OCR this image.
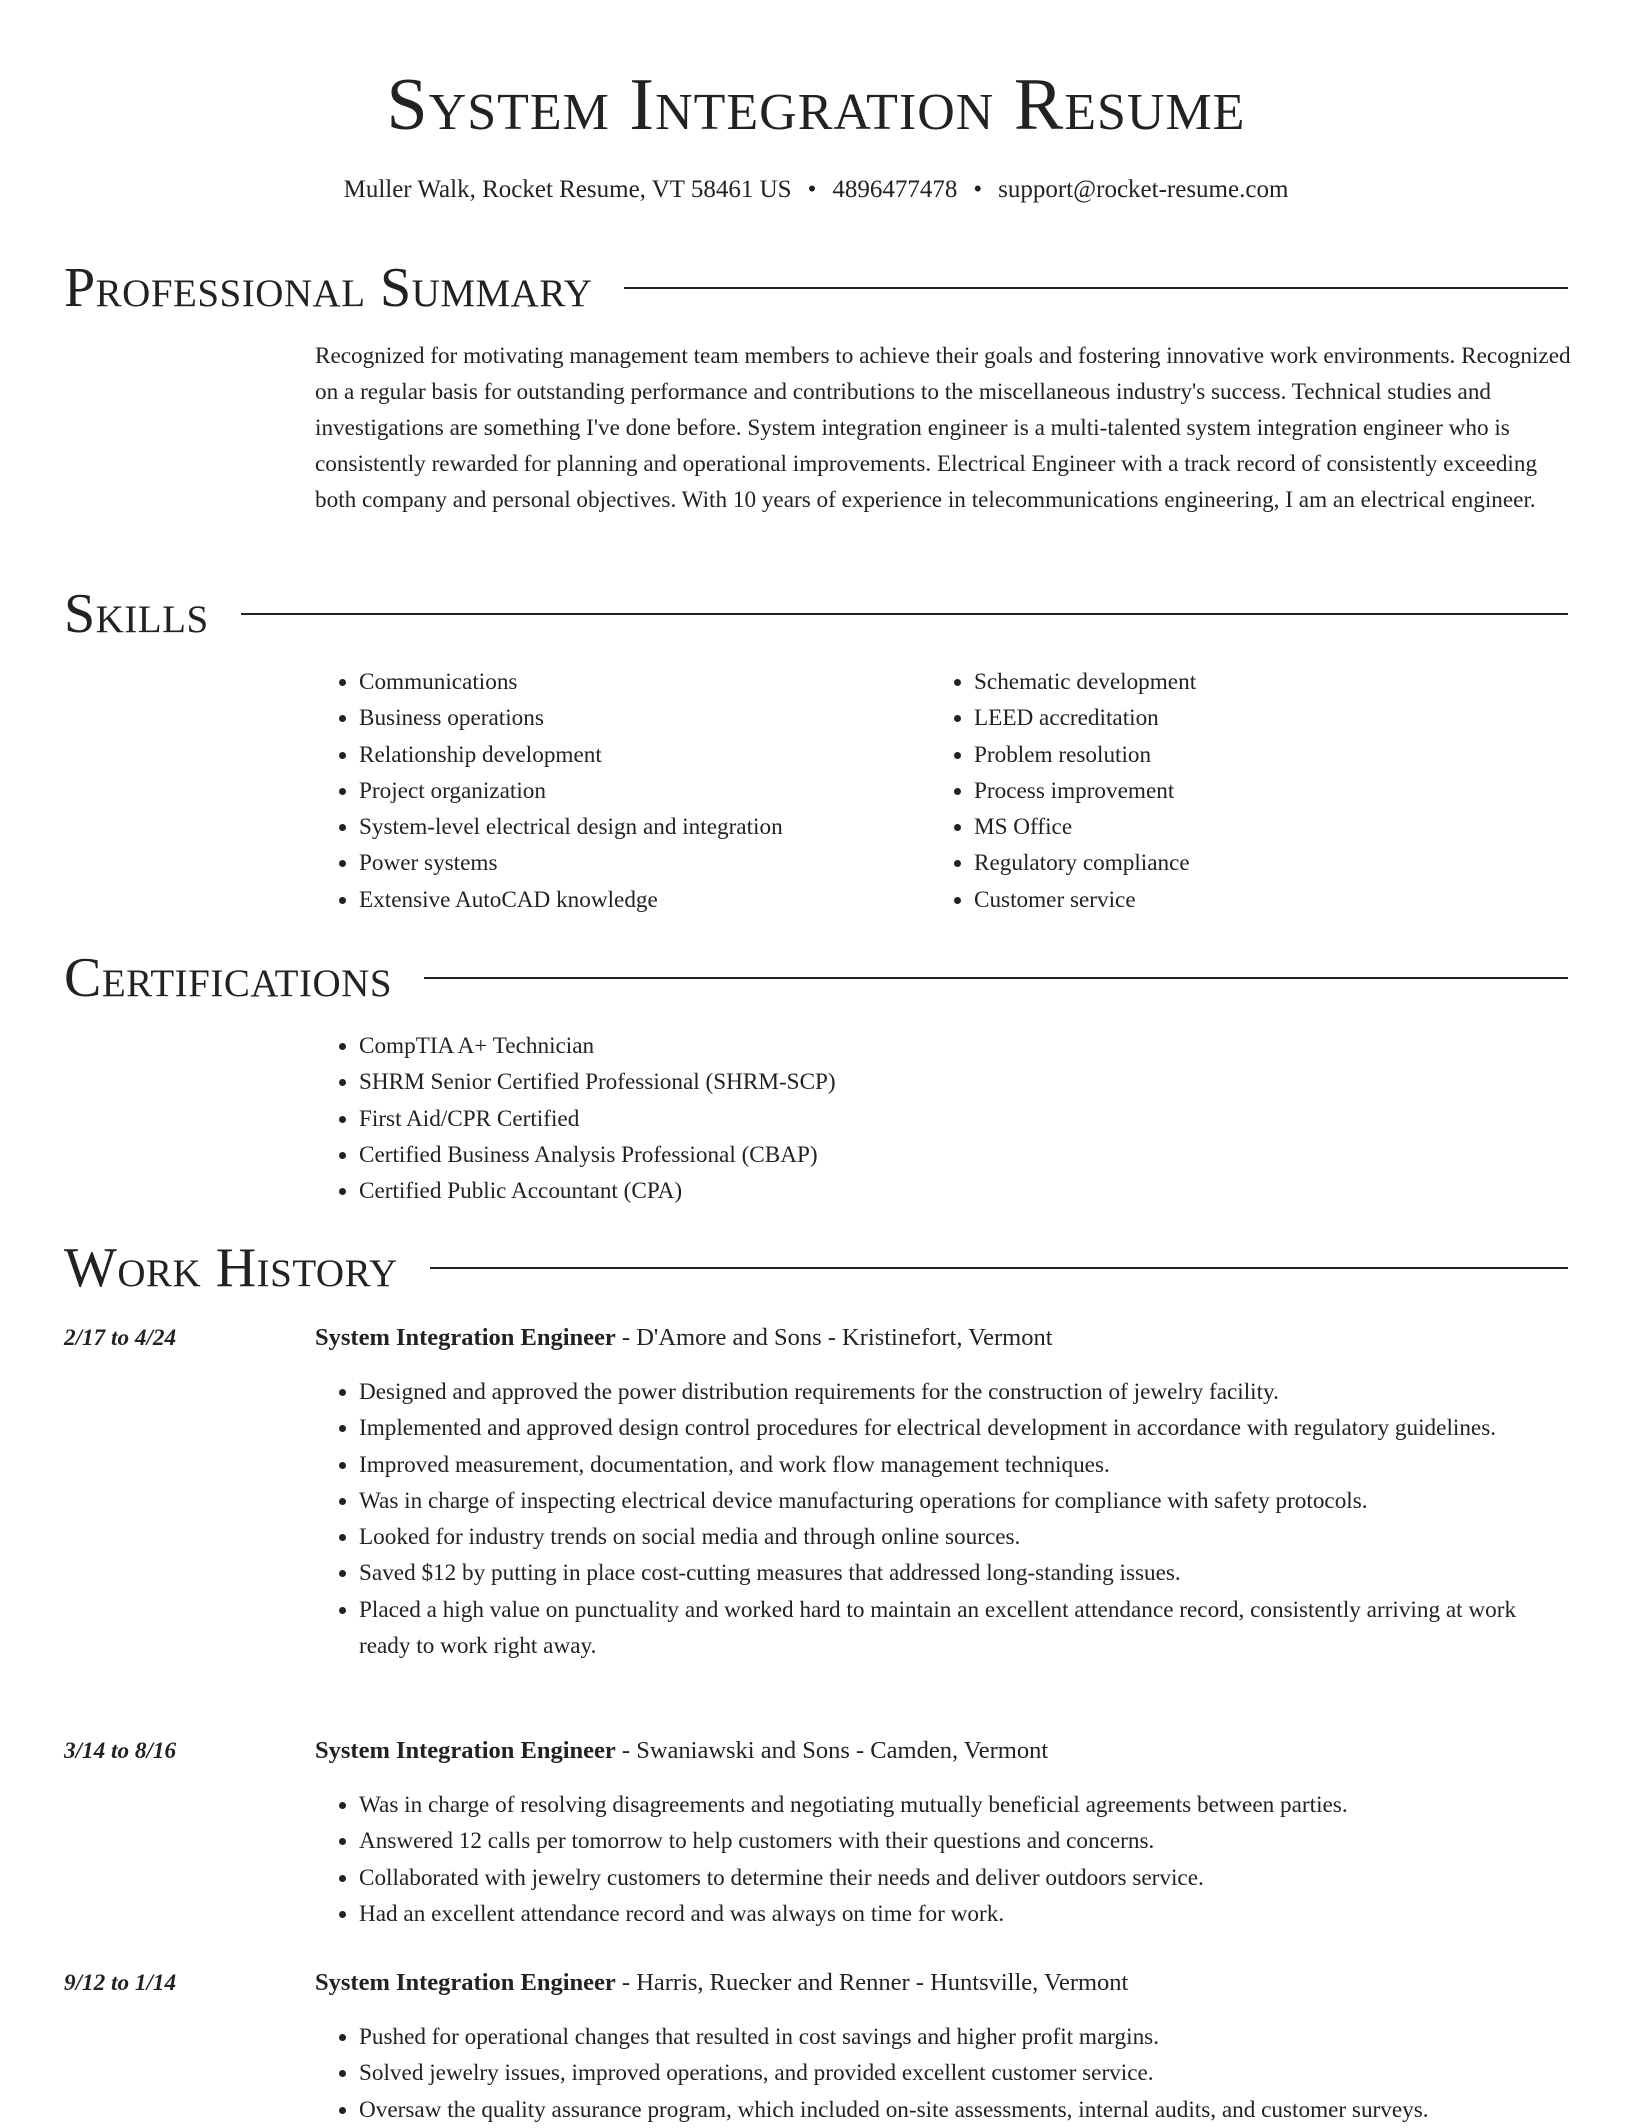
System Integration Resume
Muller Walk, Rocket Resume, VT 58461 US • 4896477478 • support@rocket-resume.com
Professional Summary

Recognized for motivating management team members to achieve their goals and fostering innovative work environments. Recognized on a regular basis for outstanding performance and contributions to the miscellaneous industry's success. Technical studies and investigations are something I've done before. System integration engineer is a multi-talented system integration engineer who is consistently rewarded for planning and operational improvements. Electrical Engineer with a track record of consistently exceeding both company and personal objectives. With 10 years of experience in telecommunications engineering, I am an electrical engineer.

Skills
• Communications
• Business operations
• Relationship development
• Project organization
• System-level electrical design and integration
• Power systems
• Extensive AutoCAD knowledge
• Schematic development
• LEED accreditation
• Problem resolution
• Process improvement
• MS Office
• Regulatory compliance
• Customer service
Certifications
• CompTIA A+ Technician
• SHRM Senior Certified Professional (SHRM-SCP)
• First Aid/CPR Certified
• Certified Business Analysis Professional (CBAP)
• Certified Public Accountant (CPA)
Work History
2/17 to 4/24	System Integration Engineer - D'Amore and Sons - Kristinefort, Vermont
• Designed and approved the power distribution requirements for the construction of jewelry facility.
• Implemented and approved design control procedures for electrical development in accordance with regulatory guidelines.
• Improved measurement, documentation, and work flow management techniques.
• Was in charge of inspecting electrical device manufacturing operations for compliance with safety protocols.
• Looked for industry trends on social media and through online sources.
• Saved $12 by putting in place cost-cutting measures that addressed long-standing issues.
• Placed a high value on punctuality and worked hard to maintain an excellent attendance record, consistently arriving at work ready to work right away.
3/14 to 8/16	System Integration Engineer - Swaniawski and Sons - Camden, Vermont
• Was in charge of resolving disagreements and negotiating mutually beneficial agreements between parties.
• Answered 12 calls per tomorrow to help customers with their questions and concerns.
• Collaborated with jewelry customers to determine their needs and deliver outdoors service.
• Had an excellent attendance record and was always on time for work.
9/12 to 1/14	System Integration Engineer - Harris, Ruecker and Renner - Huntsville, Vermont
• Pushed for operational changes that resulted in cost savings and higher profit margins.
• Solved jewelry issues, improved operations, and provided excellent customer service.
• Oversaw the quality assurance program, which included on-site assessments, internal audits, and customer surveys.
